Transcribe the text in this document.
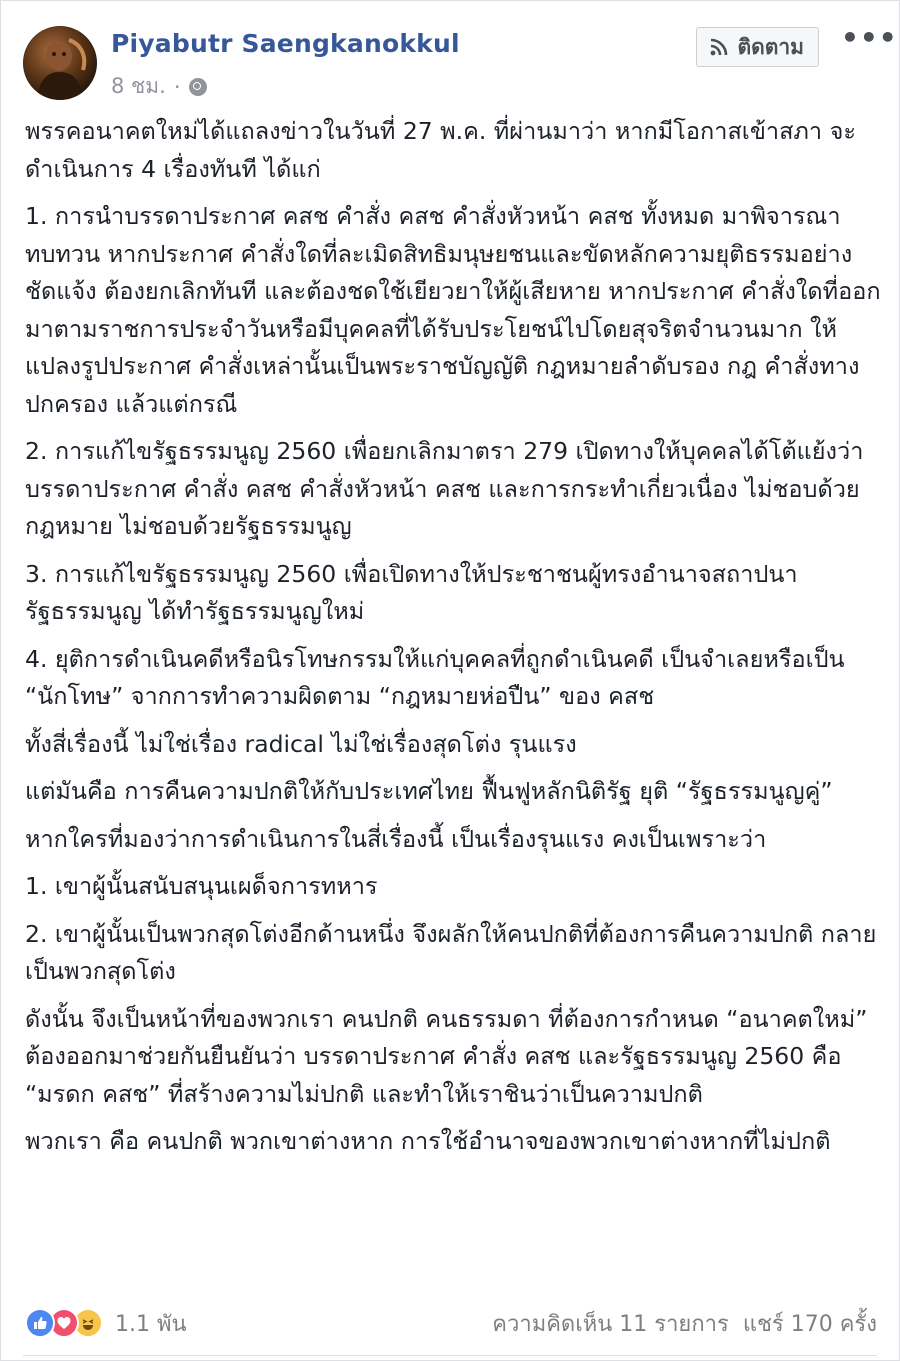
Piyabutr Saengkanokkul
8 ชม. ·
ติดตาม •••

พรรคอนาคตใหม่ได้แถลงข่าวในวันที่ 27 พ.ค. ที่ผ่านมาว่า หากมีโอกาสเข้าสภา จะดำเนินการ 4 เรื่องทันที ได้แก่

1. การนำบรรดาประกาศ คสช คำสั่ง คสช คำสั่งหัวหน้า คสช ทั้งหมด มาพิจารณาทบทวน หากประกาศ คำสั่งใดที่ละเมิดสิทธิมนุษยชนและขัดหลักความยุติธรรมอย่างชัดแจ้ง ต้องยกเลิกทันที และต้องชดใช้เยียวยาให้ผู้เสียหาย หากประกาศ คำสั่งใดที่ออกมาตามราชการประจำวันหรือมีบุคคลที่ได้รับประโยชน์ไปโดยสุจริตจำนวนมาก ให้แปลงรูปประกาศ คำสั่งเหล่านั้นเป็นพระราชบัญญัติ กฎหมายลำดับรอง กฎ คำสั่งทางปกครอง แล้วแต่กรณี

2. การแก้ไขรัฐธรรมนูญ 2560 เพื่อยกเลิกมาตรา 279 เปิดทางให้บุคคลได้โต้แย้งว่าบรรดาประกาศ คำสั่ง คสช คำสั่งหัวหน้า คสช และการกระทำเกี่ยวเนื่อง ไม่ชอบด้วยกฎหมาย ไม่ชอบด้วยรัฐธรรมนูญ

3. การแก้ไขรัฐธรรมนูญ 2560 เพื่อเปิดทางให้ประชาชนผู้ทรงอำนาจสถาปนารัฐธรรมนูญ ได้ทำรัฐธรรมนูญใหม่

4. ยุติการดำเนินคดีหรือนิรโทษกรรมให้แก่บุคคลที่ถูกดำเนินคดี เป็นจำเลยหรือเป็น “นักโทษ” จากการทำความผิดตาม “กฎหมายห่อปืน” ของ คสช

ทั้งสี่เรื่องนี้ ไม่ใช่เรื่อง radical ไม่ใช่เรื่องสุดโต่ง รุนแรง

แต่มันคือ การคืนความปกติให้กับประเทศไทย ฟื้นฟูหลักนิติรัฐ ยุติ “รัฐธรรมนูญคู่”

หากใครที่มองว่าการดำเนินการในสี่เรื่องนี้ เป็นเรื่องรุนแรง คงเป็นเพราะว่า

1. เขาผู้นั้นสนับสนุนเผด็จการทหาร

2. เขาผู้นั้นเป็นพวกสุดโต่งอีกด้านหนึ่ง จึงผลักให้คนปกติที่ต้องการคืนความปกติ กลายเป็นพวกสุดโต่ง

ดังนั้น จึงเป็นหน้าที่ของพวกเรา คนปกติ คนธรรมดา ที่ต้องการกำหนด “อนาคตใหม่” ต้องออกมาช่วยกันยืนยันว่า บรรดาประกาศ คำสั่ง คสช และรัฐธรรมนูญ 2560 คือ “มรดก คสช” ที่สร้างความไม่ปกติ และทำให้เราชินว่าเป็นความปกติ

พวกเรา คือ คนปกติ พวกเขาต่างหาก การใช้อำนาจของพวกเขาต่างหากที่ไม่ปกติ

1.1 พัน	ความคิดเห็น 11 รายการ แชร์ 170 ครั้ง
